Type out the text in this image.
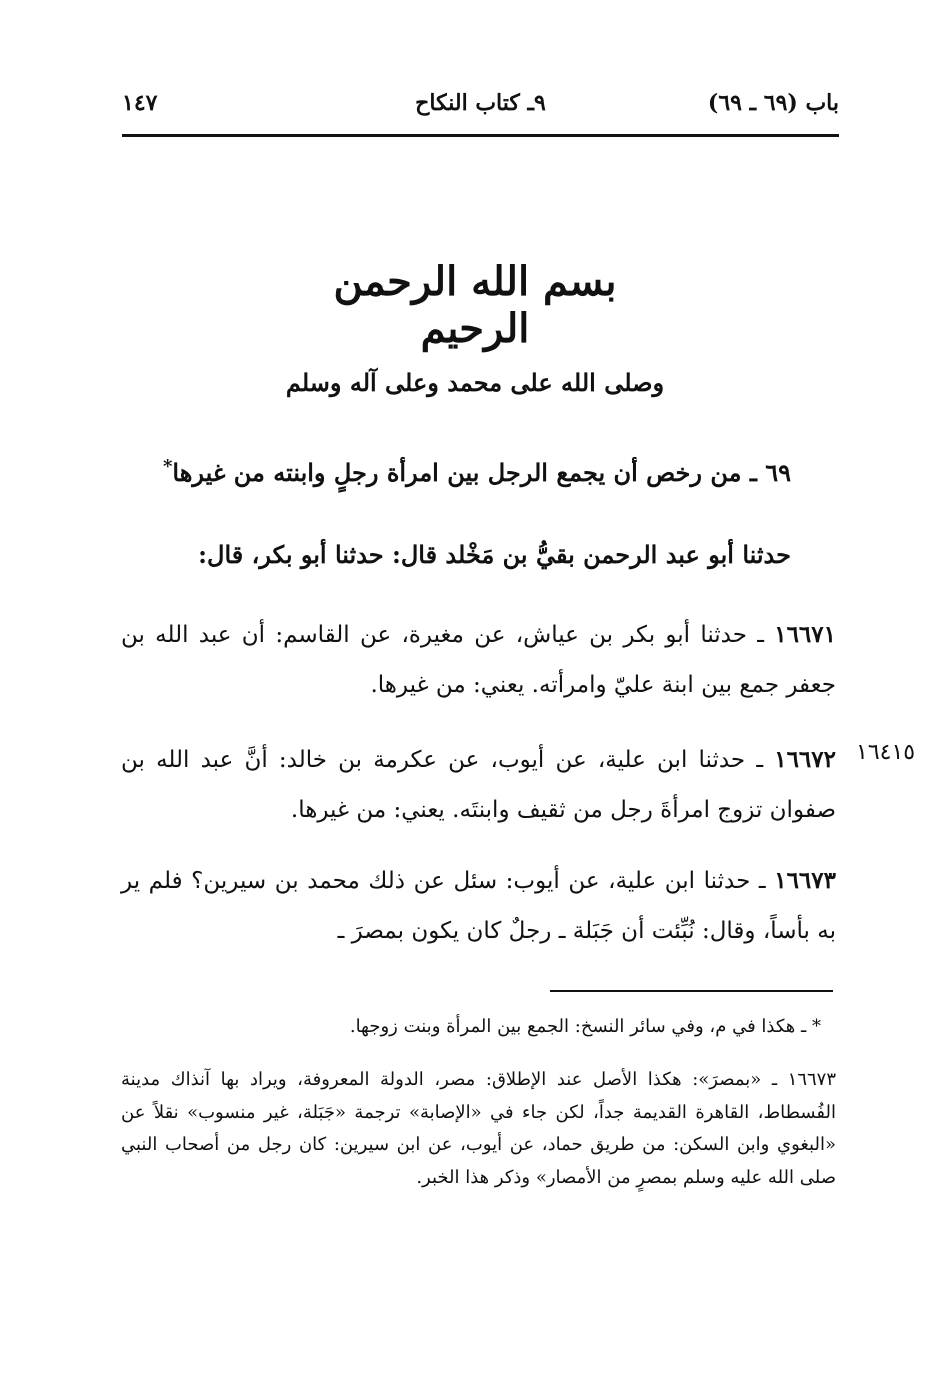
باب (٦٩ ـ ٦٩)
٩ـ كتاب النكاح
١٤٧
بسم الله الرحمن الرحيم
وصلى الله على محمد وعلى آله وسلم
٦٩ ـ من رخص أن يجمع الرجل بين امرأة رجلٍ وابنته من غيرها*
حدثنا أبو عبد الرحمن بقيُّ بن مَخْلد قال: حدثنا أبو بكر، قال:
١٦٦٧١ ـ حدثنا أبو بكر بن عياش، عن مغيرة، عن القاسم: أن عبد الله بن جعفر جمع بين ابنة عليّ وامرأته. يعني: من غيرها.
١٦٤١٥
١٦٦٧٢ ـ حدثنا ابن علية، عن أيوب، عن عكرمة بن خالد: أنَّ عبد الله بن صفوان تزوج امرأةَ رجل من ثقيف وابنتَه. يعني: من غيرها.
١٦٦٧٣ ـ حدثنا ابن علية، عن أيوب: سئل عن ذلك محمد بن سيرين؟ فلم ير به بأساً، وقال: نُبِّئت أن جَبَلة ـ رجلٌ كان يكون بمصرَ ـ
* ـ هكذا في م، وفي سائر النسخ: الجمع بين المرأة وبنت زوجها.
١٦٦٧٣ ـ «بمصرَ»: هكذا الأصل عند الإطلاق: مصر، الدولة المعروفة، ويراد بها آنذاك مدينة الفُسطاط، القاهرة القديمة جداً، لكن جاء في «الإصابة» ترجمة «جَبَلة، غير منسوب» نقلاً عن «البغوي وابن السكن: من طريق حماد، عن أيوب، عن ابن سيرين: كان رجل من أصحاب النبي صلى الله عليه وسلم بمصرٍ من الأمصار» وذكر هذا الخبر.
